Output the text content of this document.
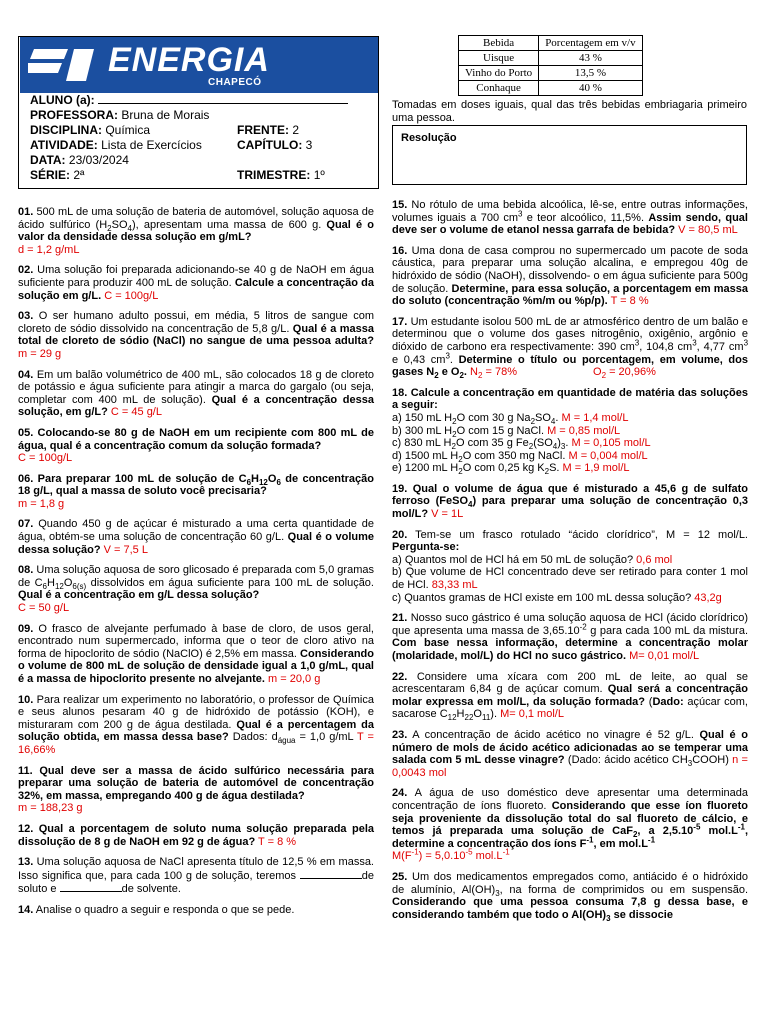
ENERGIA
CHAPECÓ
ALUNO (a):
PROFESSORA: Bruna de Morais
DISCIPLINA: Química	FRENTE: 2
ATIVIDADE: Lista de Exercícios	CAPÍTULO: 3
DATA: 23/03/2024
SÉRIE: 2ª	TRIMESTRE: 1º
Bebida	Porcentagem em v/v
Uisque	43 %
Vinho do Porto	13,5 %
Conhaque	40 %
Tomadas em doses iguais, qual das três bebidas embriagaria primeiro uma pessoa.
Resolução

01. 500 mL de uma solução de bateria de automóvel, solução aquosa de ácido sulfúrico $(H_2SO_4)$, apresentam uma massa de 600 g. Qual é o valor da densidade dessa solução em g/mL?
d = 1,2 g/mL

02. Uma solução foi preparada adicionando-se 40 g de NaOH em água suficiente para produzir 400 mL de solução. Calcule a concentração da solução em g/L. C = 100g/L

03. O ser humano adulto possui, em média, 5 litros de sangue com cloreto de sódio dissolvido na concentração de 5,8 g/L. Qual é a massa total de cloreto de sódio (NaCl) no sangue de uma pessoa adulta? m = 29 g

04. Em um balão volumétrico de 400 mL, são colocados 18 g de cloreto de potássio e água suficiente para atingir a marca do gargalo (ou seja, completar com 400 mL de solução). Qual é a concentração dessa solução, em g/L? C = 45 g/L

05. Colocando-se 80 g de NaOH em um recipiente com 800 mL de água, qual é a concentração comum da solução formada?
C = 100g/L

06. Para preparar 100 mL de solução de $C_6H_{12}O_6$ de concentração 18 g/L, qual a massa de soluto você precisaria?
m = 1,8 g

07. Quando 450 g de açúcar é misturado a uma certa quantidade de água, obtém-se uma solução de concentração 60 g/L. Qual é o volume dessa solução? V = 7,5 L

08. Uma solução aquosa de soro glicosado é preparada com 5,0 gramas de $C_6H_{12}O_{6(s)}$ dissolvidos em água suficiente para 100 mL de solução. Qual é a concentração em g/L dessa solução?
C = 50 g/L

09. O frasco de alvejante perfumado à base de cloro, de usos geral, encontrado num supermercado, informa que o teor de cloro ativo na forma de hipoclorito de sódio (NaClO) é 2,5% em massa. Considerando o volume de 800 mL de solução de densidade igual a 1,0 g/mL, qual é a massa de hipoclorito presente no alvejante. m = 20,0 g

10. Para realizar um experimento no laboratório, o professor de Química e seus alunos pesaram 40 g de hidróxido de potássio (KOH), e misturaram com 200 g de água destilada. Qual é a percentagem da solução obtida, em massa dessa base? Dados: $d_{água} = 1,0$ g/mL T = 16,66%

11. Qual deve ser a massa de ácido sulfúrico necessária para preparar uma solução de bateria de automóvel de concentração 32%, em massa, empregando 400 g de água destilada?
m = 188,23 g

12. Qual a porcentagem de soluto numa solução preparada pela dissolução de 8 g de NaOH em 92 g de água? T = 8 %

13. Uma solução aquosa de NaCl apresenta título de 12,5 % em massa. Isso significa que, para cada 100 g de solução, teremos	de soluto e	de solvente.

14. Analise o quadro a seguir e responda o que se pede.

15. No rótulo de uma bebida alcoólica, lê-se, entre outras informações, volumes iguais a 700 $cm^3$ e teor alcoólico, 11,5%. Assim sendo, qual deve ser o volume de etanol nessa garrafa de bebida? V = 80,5 mL

16. Uma dona de casa comprou no supermercado um pacote de soda cáustica, para preparar uma solução alcalina, e empregou 40g de hidróxido de sódio (NaOH), dissolvendo- o em água suficiente para 500g de solução. Determine, para essa solução, a porcentagem em massa do soluto (concentração %m/m ou %p/p). T = 8 %

17. Um estudante isolou 500 mL de ar atmosférico dentro de um balão e determinou que o volume dos gases nitrogênio, oxigênio, argônio e dióxido de carbono era respectivamente: 390 $cm^3$, 104,8 $cm^3$, 4,77 $cm^3$ e 0,43 $cm^3$. Determine o título ou porcentagem, em volume, dos gases $N_2$ e $O_2$. $N_2 = 78\%$	$O_2 = 20,96\%$

18. Calcule a concentração em quantidade de matéria das soluções a seguir:
a) 150 mL $H_2O$ com 30 g $Na_2SO_4$. M = 1,4 mol/L
b) 300 mL $H_2O$ com 15 g NaCl. M = 0,85 mol/L
c) 830 mL $H_2O$ com 35 g $Fe_2(SO_4)_3$. M = 0,105 mol/L
d) 1500 mL $H_2O$ com 350 mg NaCl. M = 0,004 mol/L
e) 1200 mL $H_2O$ com 0,25 kg $K_2S$. M = 1,9 mol/L

19. Qual o volume de água que é misturado a 45,6 g de sulfato ferroso (FeSO$_4$) para preparar uma solução de concentração 0,3 mol/L? V = 1L

20. Tem-se um frasco rotulado “ácido clorídrico”, M = 12 mol/L. Pergunta-se:
a) Quantos mol de HCl há em 50 mL de solução? 0,6 mol
b) Que volume de HCl concentrado deve ser retirado para conter 1 mol de HCl. 83,33 mL
c) Quantos gramas de HCl existe em 100 mL dessa solução? 43,2g

21. Nosso suco gástrico é uma solução aquosa de HCl (ácido clorídrico) que apresenta uma massa de $3,65.10^{-2}$ g para cada 100 mL da mistura. Com base nessa informação, determine a concentração molar (molaridade, mol/L) do HCl no suco gástrico. M= 0,01 mol/L

22. Considere uma xícara com 200 mL de leite, ao qual se acrescentaram 6,84 g de açúcar comum. Qual será a concentração molar expressa em mol/L, da solução formada? (Dado: açúcar com, sacarose $C_{12}H_{22}O_{11}$). M= 0,1 mol/L

23. A concentração de ácido acético no vinagre é 52 g/L. Qual é o número de mols de ácido acético adicionadas ao se temperar uma salada com 5 mL desse vinagre? (Dado: ácido acético $CH_3COOH$) n = 0,0043 mol

24. A água de uso doméstico deve apresentar uma determinada concentração de íons fluoreto. Considerando que esse íon fluoreto seja proveniente da dissolução total do sal fluoreto de cálcio, e temos já preparada uma solução de CaF$_2$, a $2,5.10^{-5}$ $mol.L^{-1}$, determine a concentração dos íons $F^{-1}$, em $mol.L^{-1}$
$M(F^{-1}) = 5,0.10^{-5}$ $mol.L^{-1}$

25. Um dos medicamentos empregados como, antiácido é o hidróxido de alumínio, $Al(OH)_3$, na forma de comprimidos ou em suspensão. Considerando que uma pessoa consuma 7,8 g dessa base, e considerando também que todo o $Al(OH)_3$ se dissocie
